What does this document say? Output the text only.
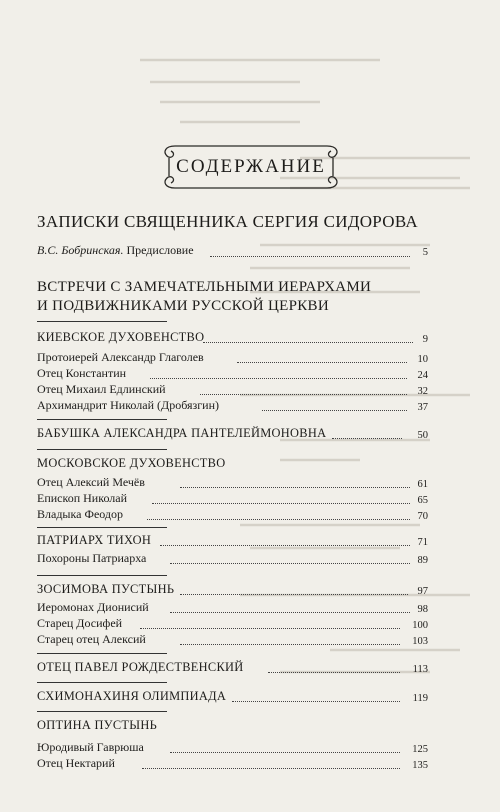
СОДЕРЖАНИЕ
ЗАПИСКИ СВЯЩЕННИКА СЕРГИЯ СИДОРОВА
В.С. Бобринская. Предисловие	5
ВСТРЕЧИ С ЗАМЕЧАТЕЛЬНЫМИ ИЕРАРХАМИ
И ПОДВИЖНИКАМИ РУССКОЙ ЦЕРКВИ
КИЕВСКОЕ ДУХОВЕНСТВО	9
Протоиерей Александр Глаголев	10
Отец Константин	24
Отец Михаил Едлинский	32
Архимандрит Николай (Дробязгин)	37
БАБУШКА АЛЕКСАНДРА ПАНТЕЛЕЙМОНОВНА	50
МОСКОВСКОЕ ДУХОВЕНСТВО
Отец Алексий Мечёв	61
Епископ Николай	65
Владыка Феодор	70
ПАТРИАРХ ТИХОН	71
Похороны Патриарха	89
ЗОСИМОВА ПУСТЫНЬ	97
Иеромонах Дионисий	98
Старец Досифей	100
Старец отец Алексий	103
ОТЕЦ ПАВЕЛ РОЖДЕСТВЕНСКИЙ	113
СХИМОНАХИНЯ ОЛИМПИАДА	119
ОПТИНА ПУСТЫНЬ
Юродивый Гаврюша	125
Отец Нектарий	135
